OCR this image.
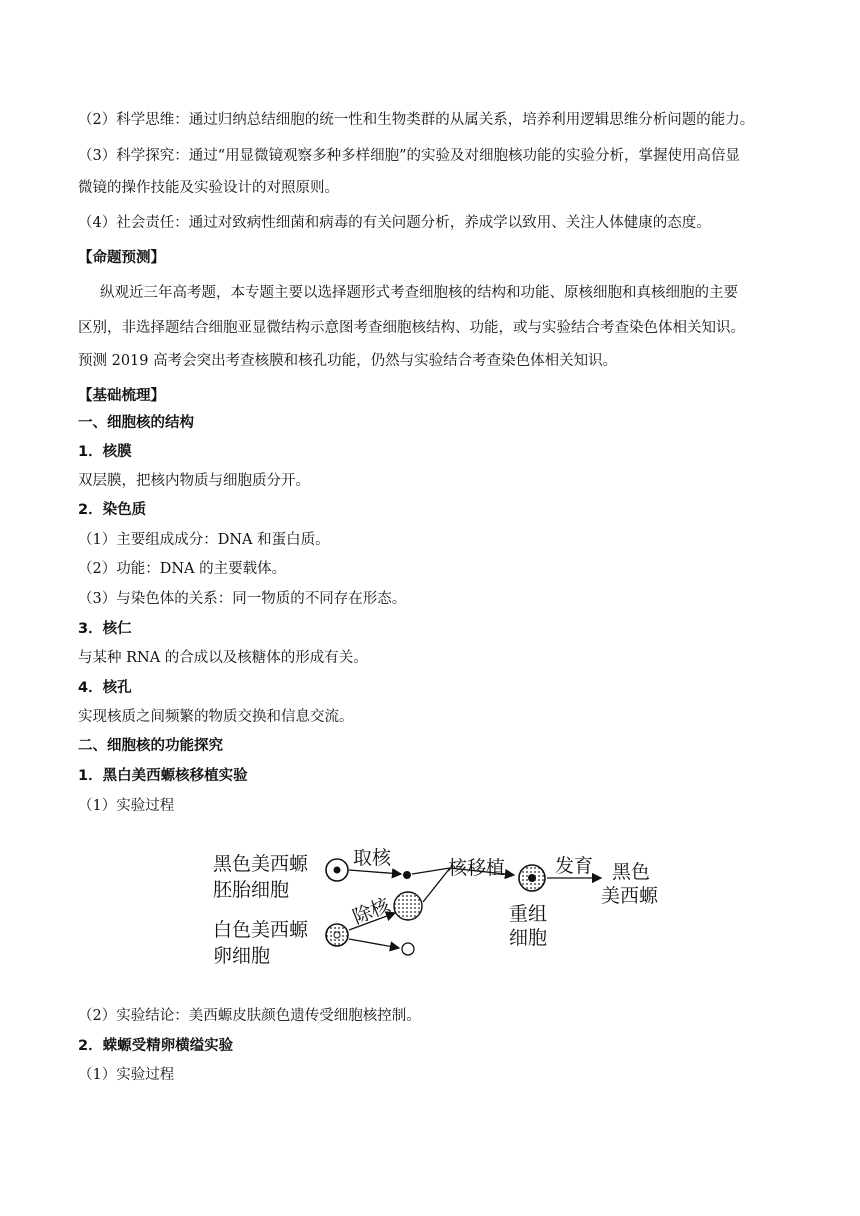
（2）科学思维：通过归纳总结细胞的统一性和生物类群的从属关系，培养利用逻辑思维分析问题的能力。
（3）科学探究：通过“用显微镜观察多种多样细胞”的实验及对细胞核功能的实验分析，掌握使用高倍显
微镜的操作技能及实验设计的对照原则。
（4）社会责任：通过对致病性细菌和病毒的有关问题分析，养成学以致用、关注人体健康的态度。
【命题预测】
纵观近三年高考题，本专题主要以选择题形式考查细胞核的结构和功能、原核细胞和真核细胞的主要
区别，非选择题结合细胞亚显微结构示意图考查细胞核结构、功能，或与实验结合考查染色体相关知识。
预测 2019 高考会突出考查核膜和核孔功能，仍然与实验结合考查染色体相关知识。
【基础梳理】
一、细胞核的结构
1．核膜
双层膜，把核内物质与细胞质分开。
2．染色质
（1）主要组成成分：DNA 和蛋白质。
（2）功能：DNA 的主要载体。
（3）与染色体的关系：同一物质的不同存在形态。
3．核仁
与某种 RNA 的合成以及核糖体的形成有关。
4．核孔
实现核质之间频繁的物质交换和信息交流。
二、细胞核的功能探究
1．黑白美西螈核移植实验
（1）实验过程
黑色美西螈
胚胎细胞
白色美西螈
卵细胞
取核
除核
核移植
重组
细胞
发育 黑色
美西螈
（2）实验结论：美西螈皮肤颜色遗传受细胞核控制。
2．蝾螈受精卵横缢实验
（1）实验过程
